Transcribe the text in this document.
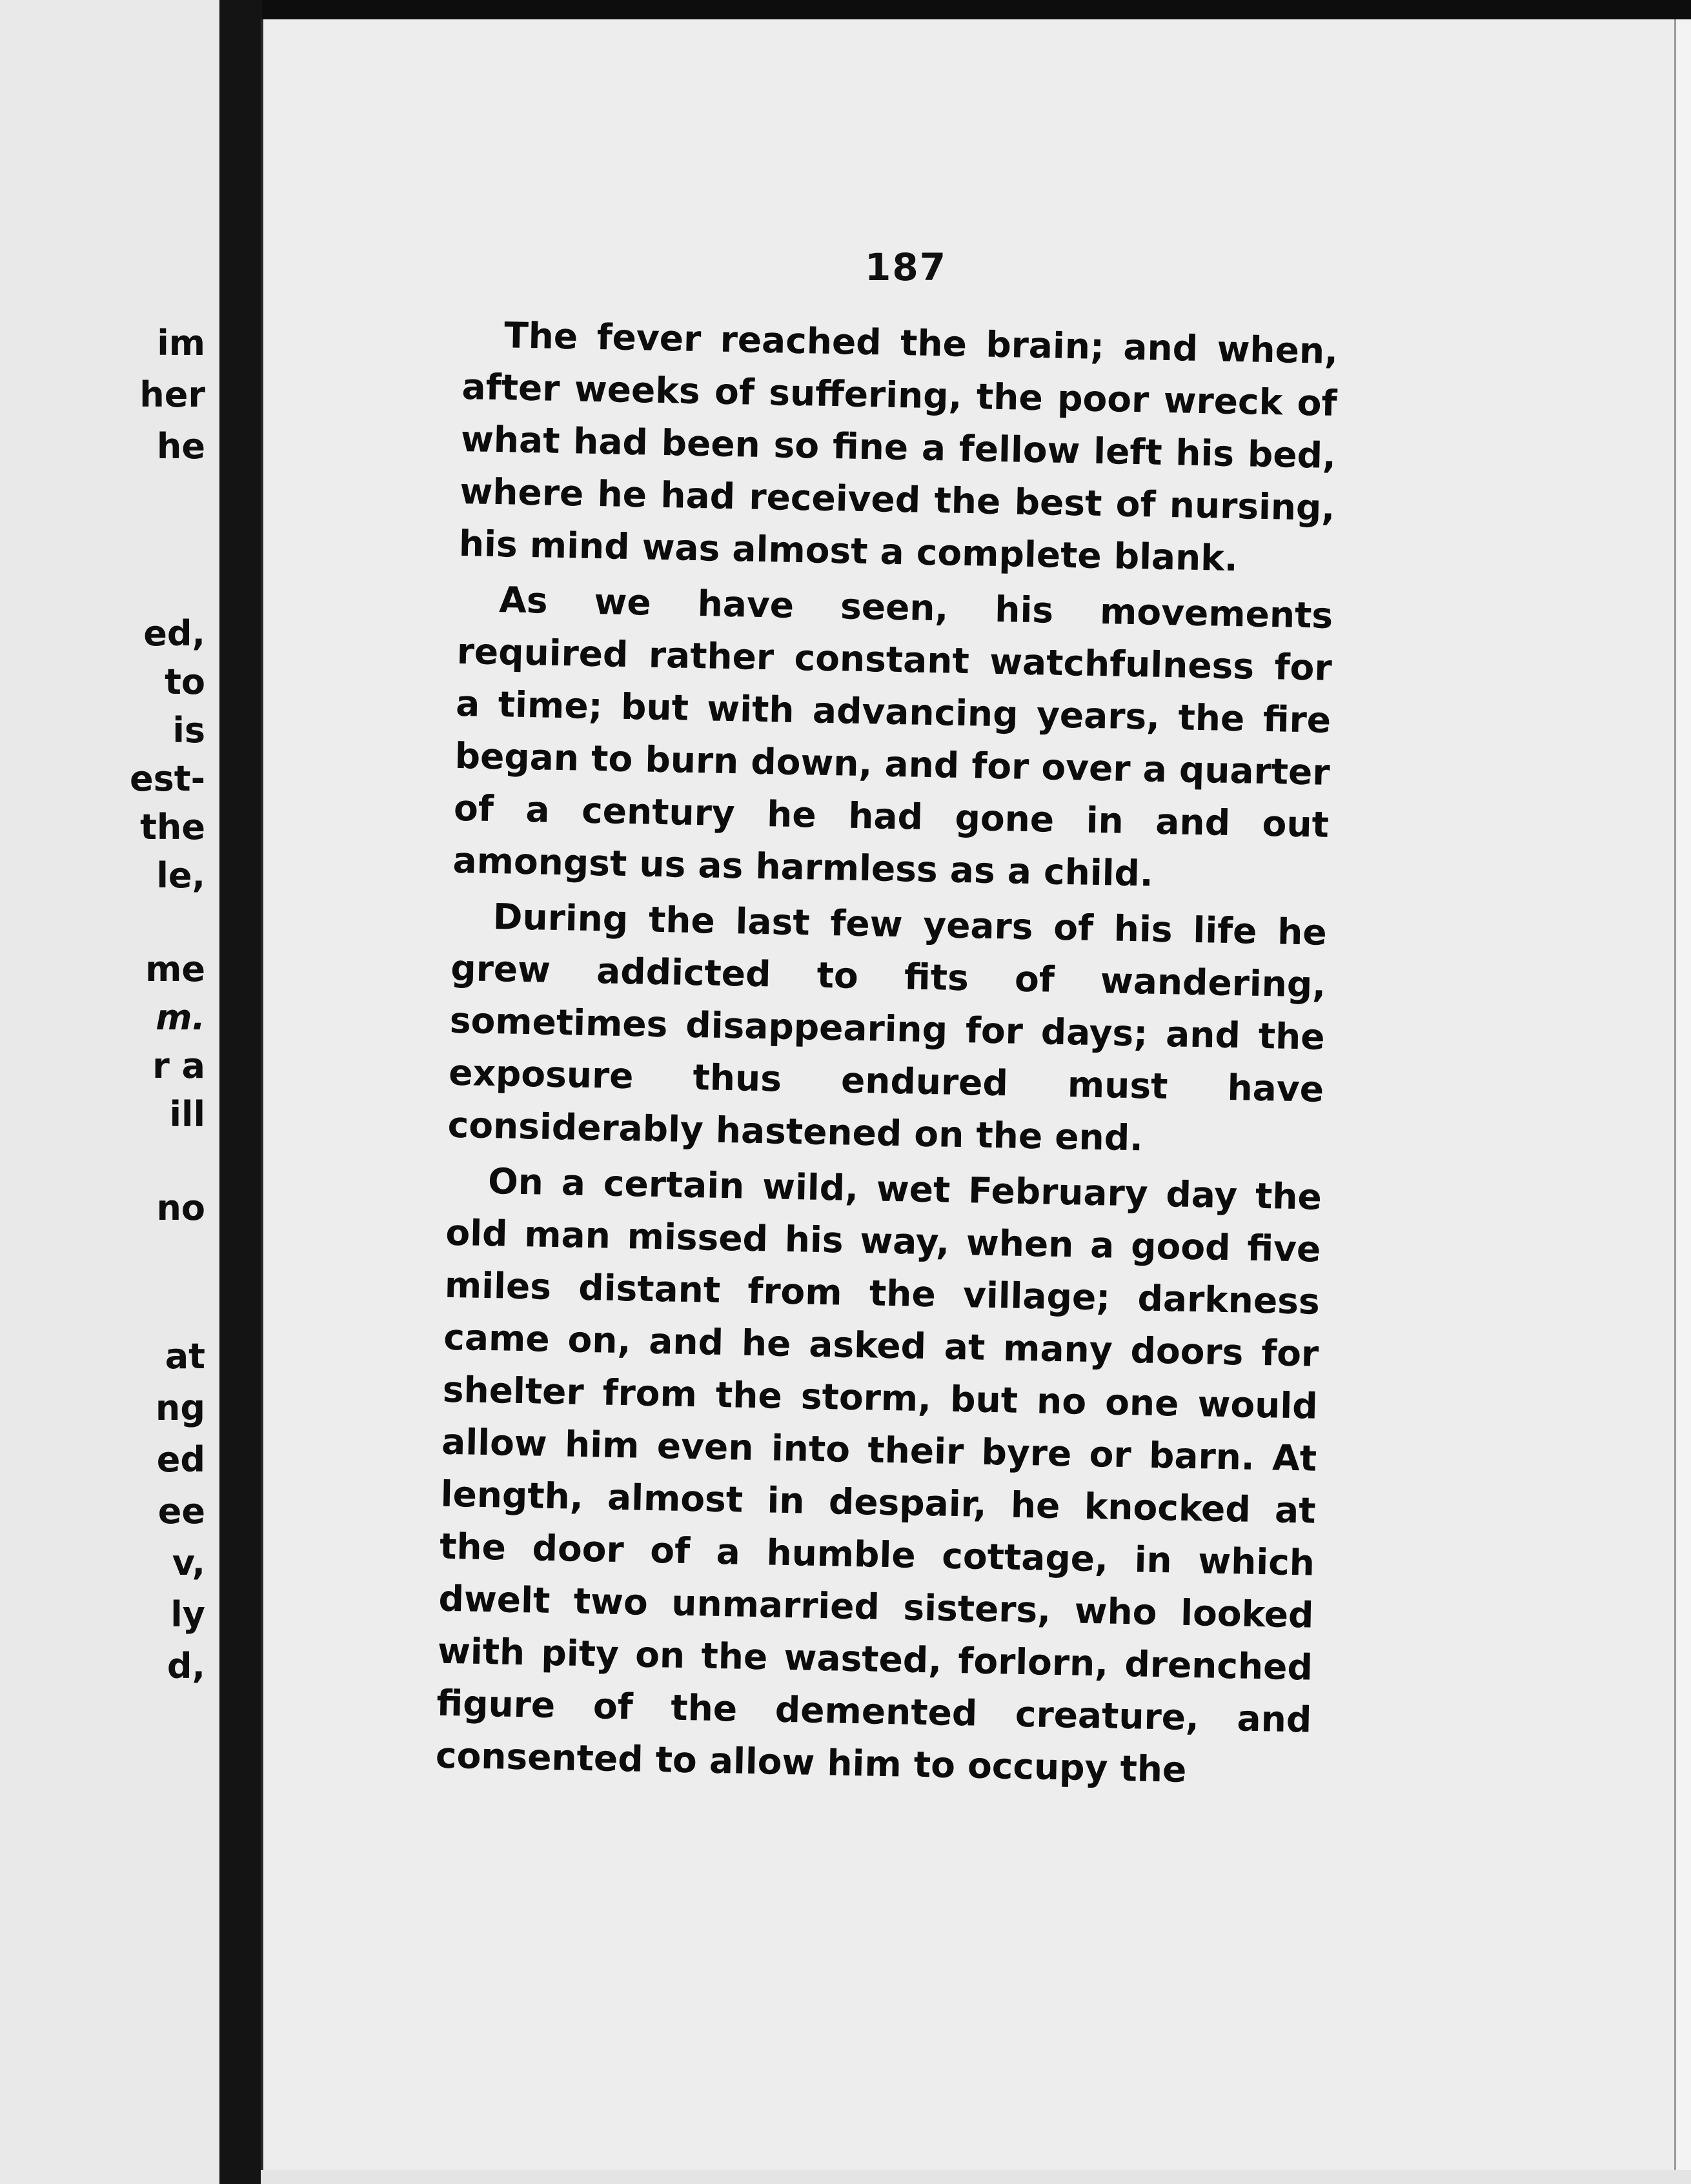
im
her
he
ed,
to
is
est-
the
le,
me
m.
r a
ill
no
at
ng
ed
ee
v,
ly
d,
187

The fever reached the brain; and when, after weeks of suffering, the poor wreck of what had been so fine a fellow left his bed, where he had received the best of nursing, his mind was almost a complete blank.

As we have seen, his movements required rather constant watchfulness for a time; but with advancing years, the fire began to burn down, and for over a quarter of a century he had gone in and out amongst us as harmless as a child.

During the last few years of his life he grew addicted to fits of wandering, sometimes disappearing for days; and the exposure thus endured must have considerably hastened on the end.

On a certain wild, wet February day the old man missed his way, when a good five miles distant from the village; darkness came on, and he asked at many doors for shelter from the storm, but no one would allow him even into their byre or barn. At length, almost in despair, he knocked at the door of a humble cottage, in which dwelt two unmarried sisters, who looked with pity on the wasted, forlorn, drenched figure of the demented creature, and consented to allow him to occupy the
